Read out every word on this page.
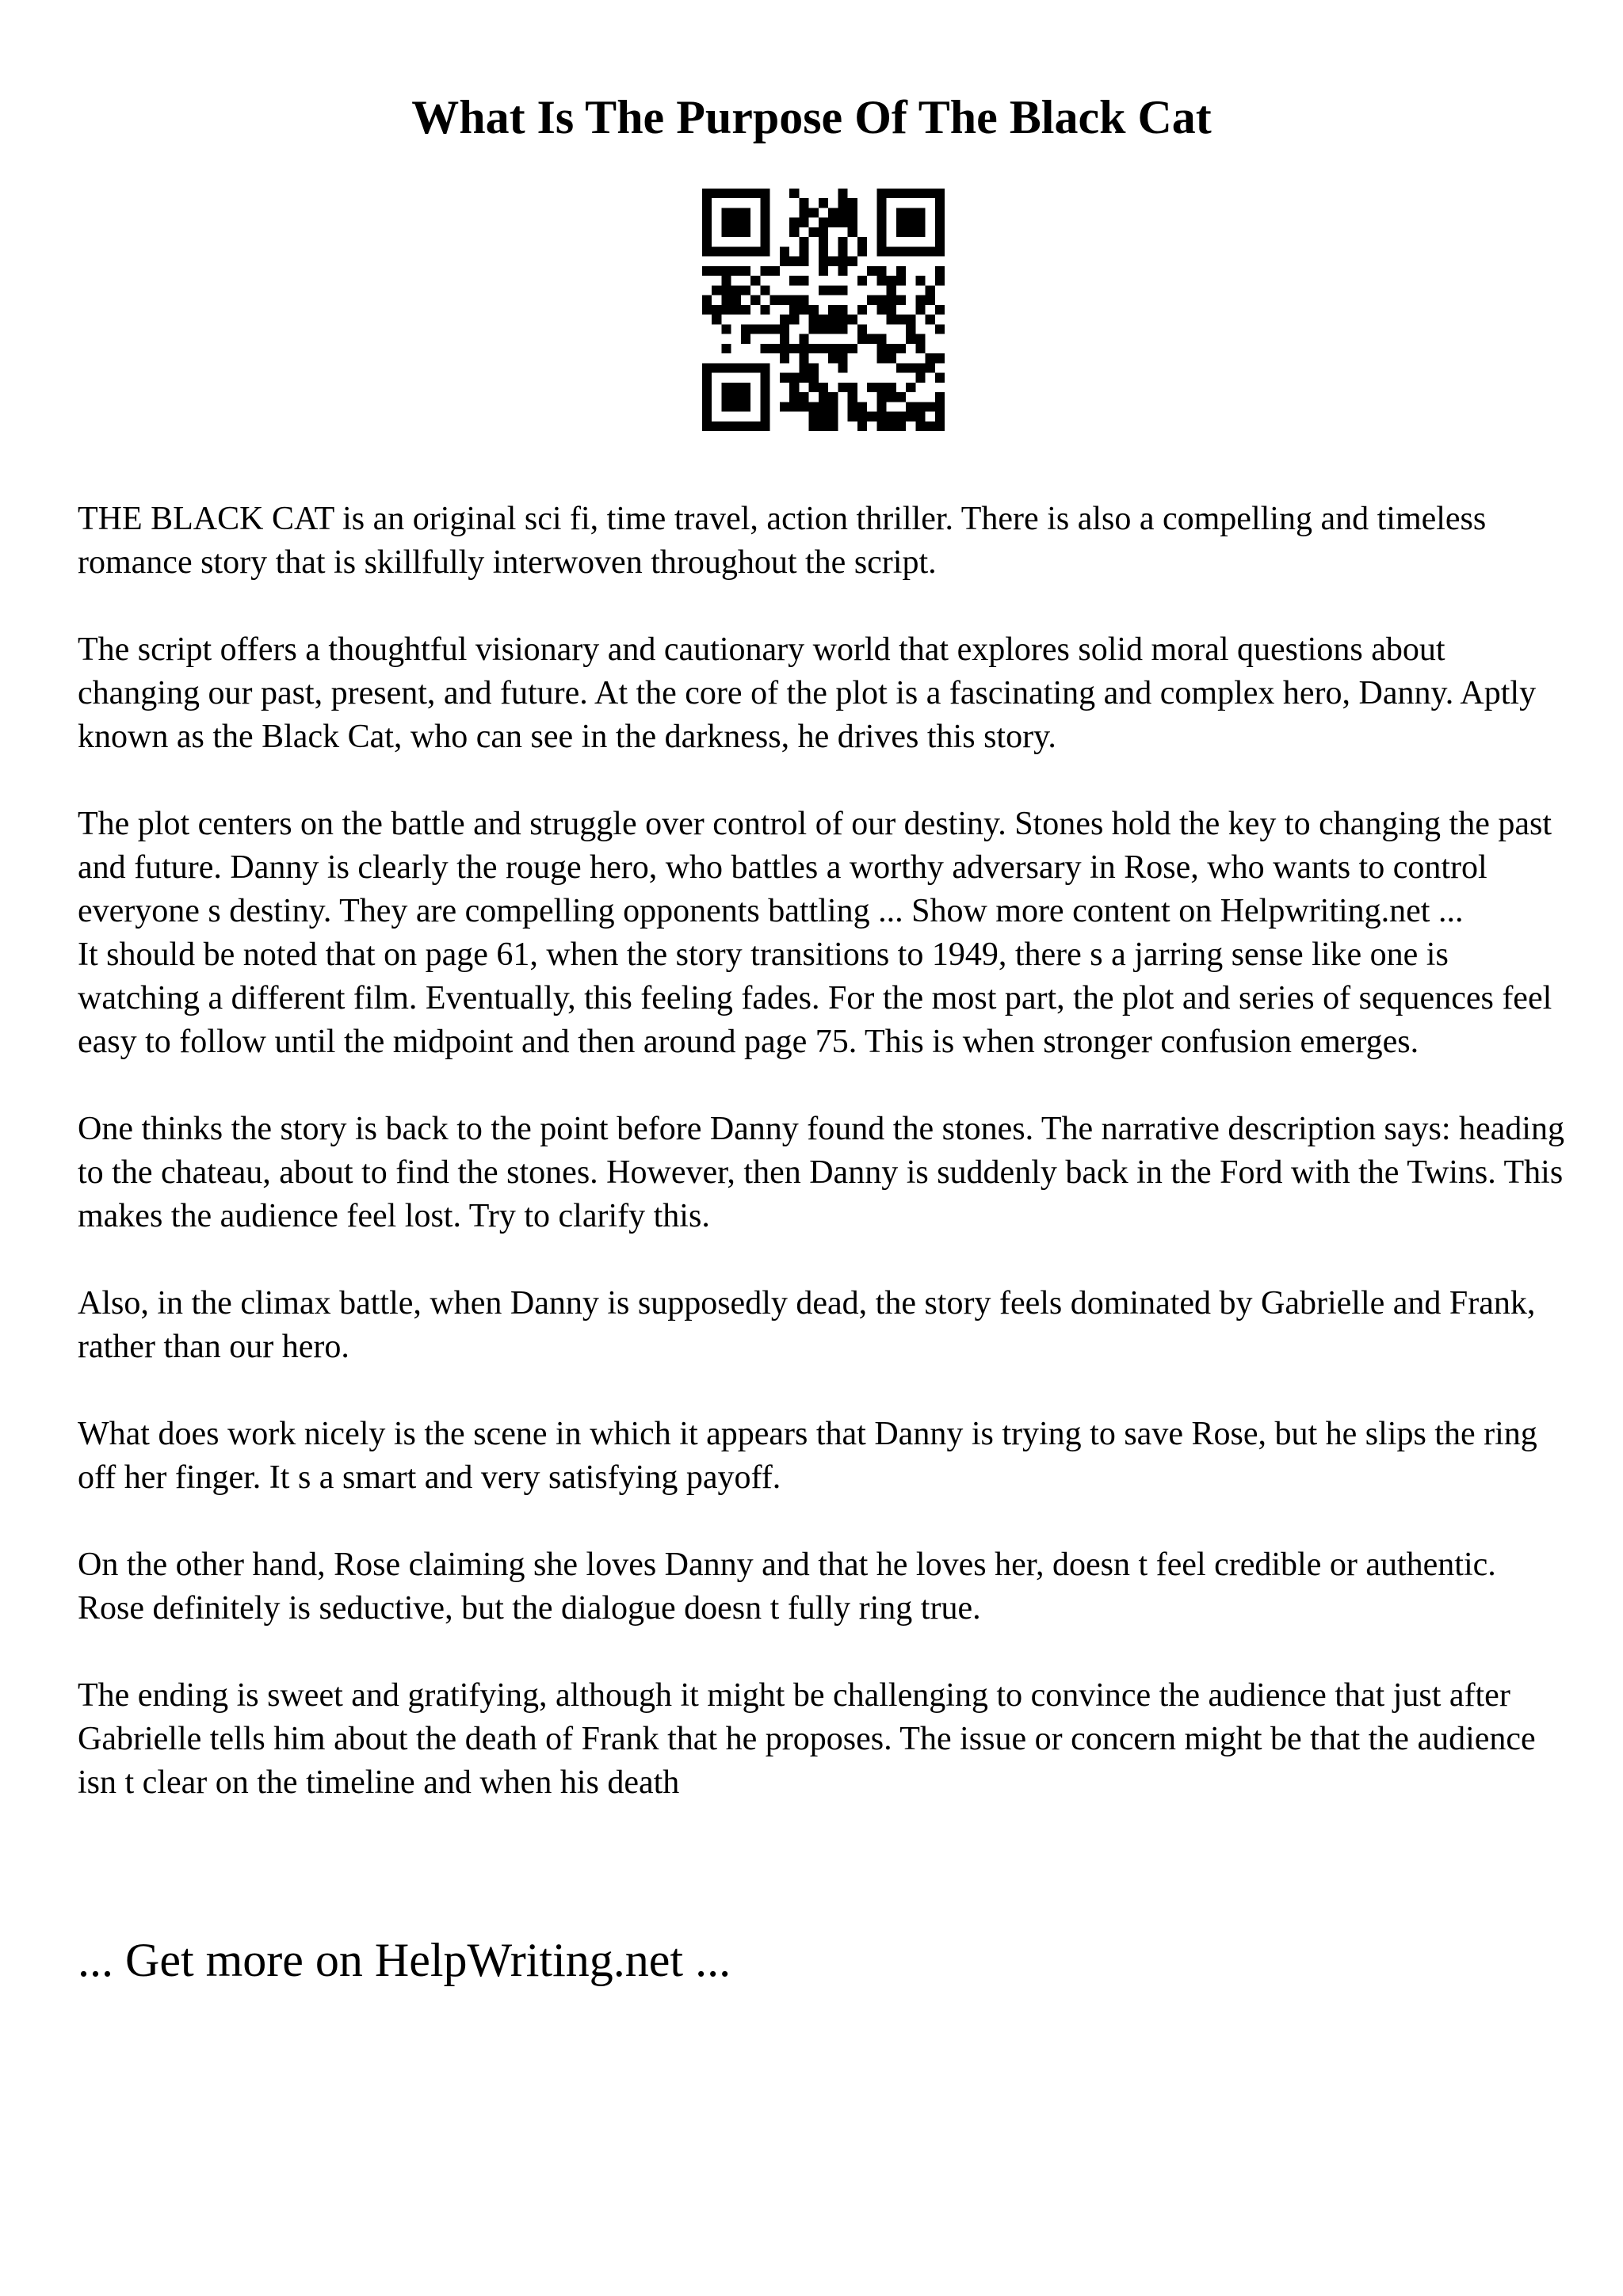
What Is The Purpose Of The Black Cat

THE BLACK CAT is an original sci fi, time travel, action thriller. There is also a compelling and timeless romance story that is skillfully interwoven throughout the script.

The script offers a thoughtful visionary and cautionary world that explores solid moral questions about changing our past, present, and future. At the core of the plot is a fascinating and complex hero, Danny. Aptly known as the Black Cat, who can see in the darkness, he drives this story.

The plot centers on the battle and struggle over control of our destiny. Stones hold the key to changing the past and future. Danny is clearly the rouge hero, who battles a worthy adversary in Rose, who wants to control everyone s destiny. They are compelling opponents battling ... Show more content on Helpwriting.net ...

It should be noted that on page 61, when the story transitions to 1949, there s a jarring sense like one is watching a different film. Eventually, this feeling fades. For the most part, the plot and series of sequences feel easy to follow until the midpoint and then around page 75. This is when stronger confusion emerges.

One thinks the story is back to the point before Danny found the stones. The narrative description says: heading to the chateau, about to find the stones. However, then Danny is suddenly back in the Ford with the Twins. This makes the audience feel lost. Try to clarify this.

Also, in the climax battle, when Danny is supposedly dead, the story feels dominated by Gabrielle and Frank, rather than our hero.

What does work nicely is the scene in which it appears that Danny is trying to save Rose, but he slips the ring off her finger. It s a smart and very satisfying payoff.

On the other hand, Rose claiming she loves Danny and that he loves her, doesn t feel credible or authentic. Rose definitely is seductive, but the dialogue doesn t fully ring true.

The ending is sweet and gratifying, although it might be challenging to convince the audience that just after Gabrielle tells him about the death of Frank that he proposes. The issue or concern might be that the audience isn t clear on the timeline and when his death

... Get more on HelpWriting.net ...
